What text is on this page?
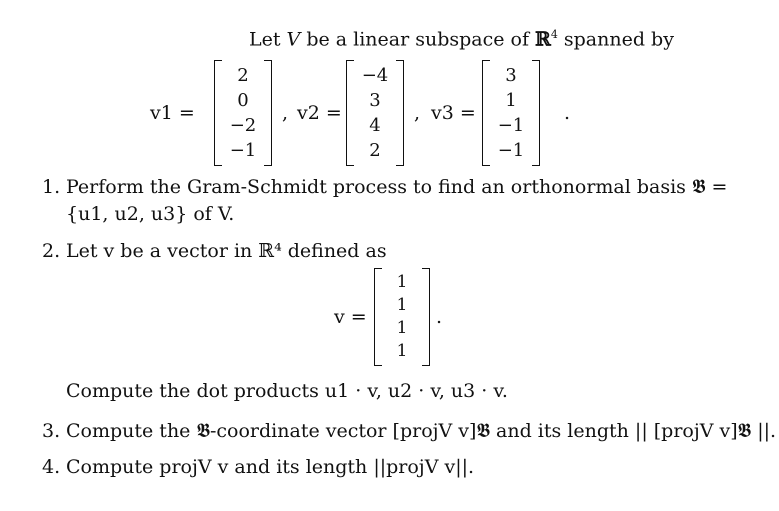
Let V be a linear subspace of ℝ$^4$ spanned by
v1 =
2
0
−2
−1
, v2 =
−4
3
4
2
, v3 =
3
1
−1
−1
.
1. Perform the Gram-Schmidt process to find an orthonormal basis 𝕭 =
{u1, u2, u3} of V.
2. Let v be a vector in ℝ⁴ defined as
v =
1
1
1
1
.
Compute the dot products u1 · v, u2 · v, u3 · v.
3. Compute the 𝕭-coordinate vector [projV v]𝕭 and its length || [projV v]𝕭 ||.
4. Compute projV v and its length ||projV v||.
